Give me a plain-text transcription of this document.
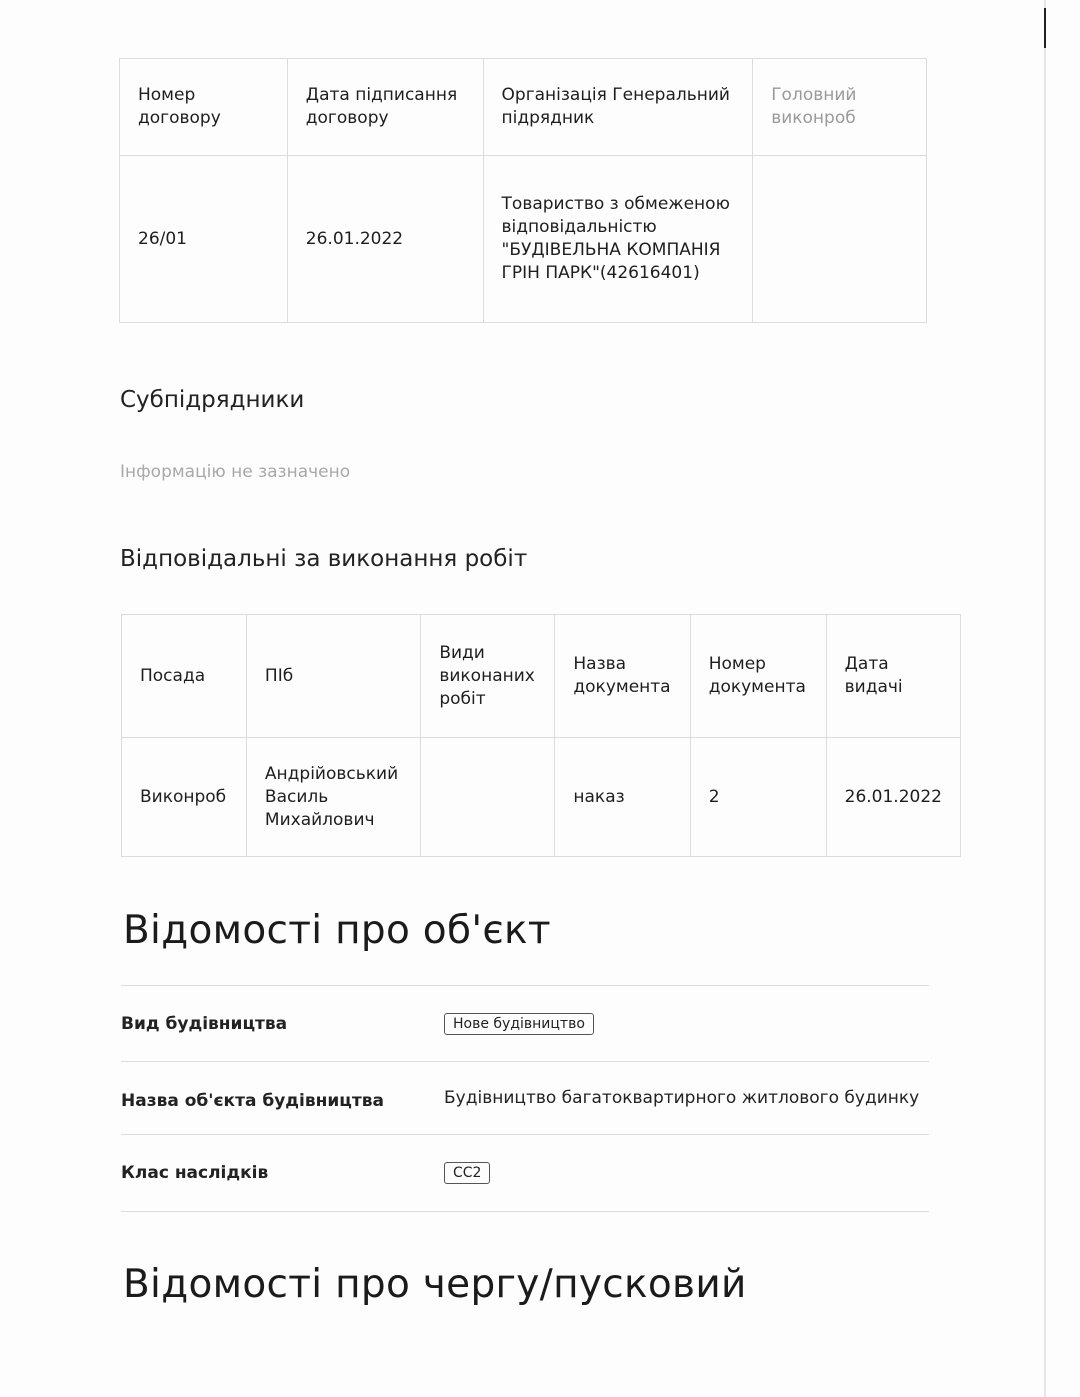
Номер договору	Дата підписання договору	Організація Генеральний підрядник	Головний виконроб
26/01	26.01.2022	Товариство з обмеженою відповідальністю "БУДІВЕЛЬНА КОМПАНІЯ ГРІН ПАРК"(42616401)	
Субпідрядники
Інформацію не зазначено
Відповідальні за виконання робіт
Посада	ПІб	Види виконаних робіт	Назва документа	Номер документа	Дата видачі
Виконроб	Андрійовський Василь Михайлович		наказ	2	26.01.2022
Відомості про об'єкт
Вид будівництва	Нове будівництво
Назва об'єкта будівництва	Будівництво багатоквартирного житлового будинку
Клас наслідків	СС2
Відомості про чергу/пусковий
